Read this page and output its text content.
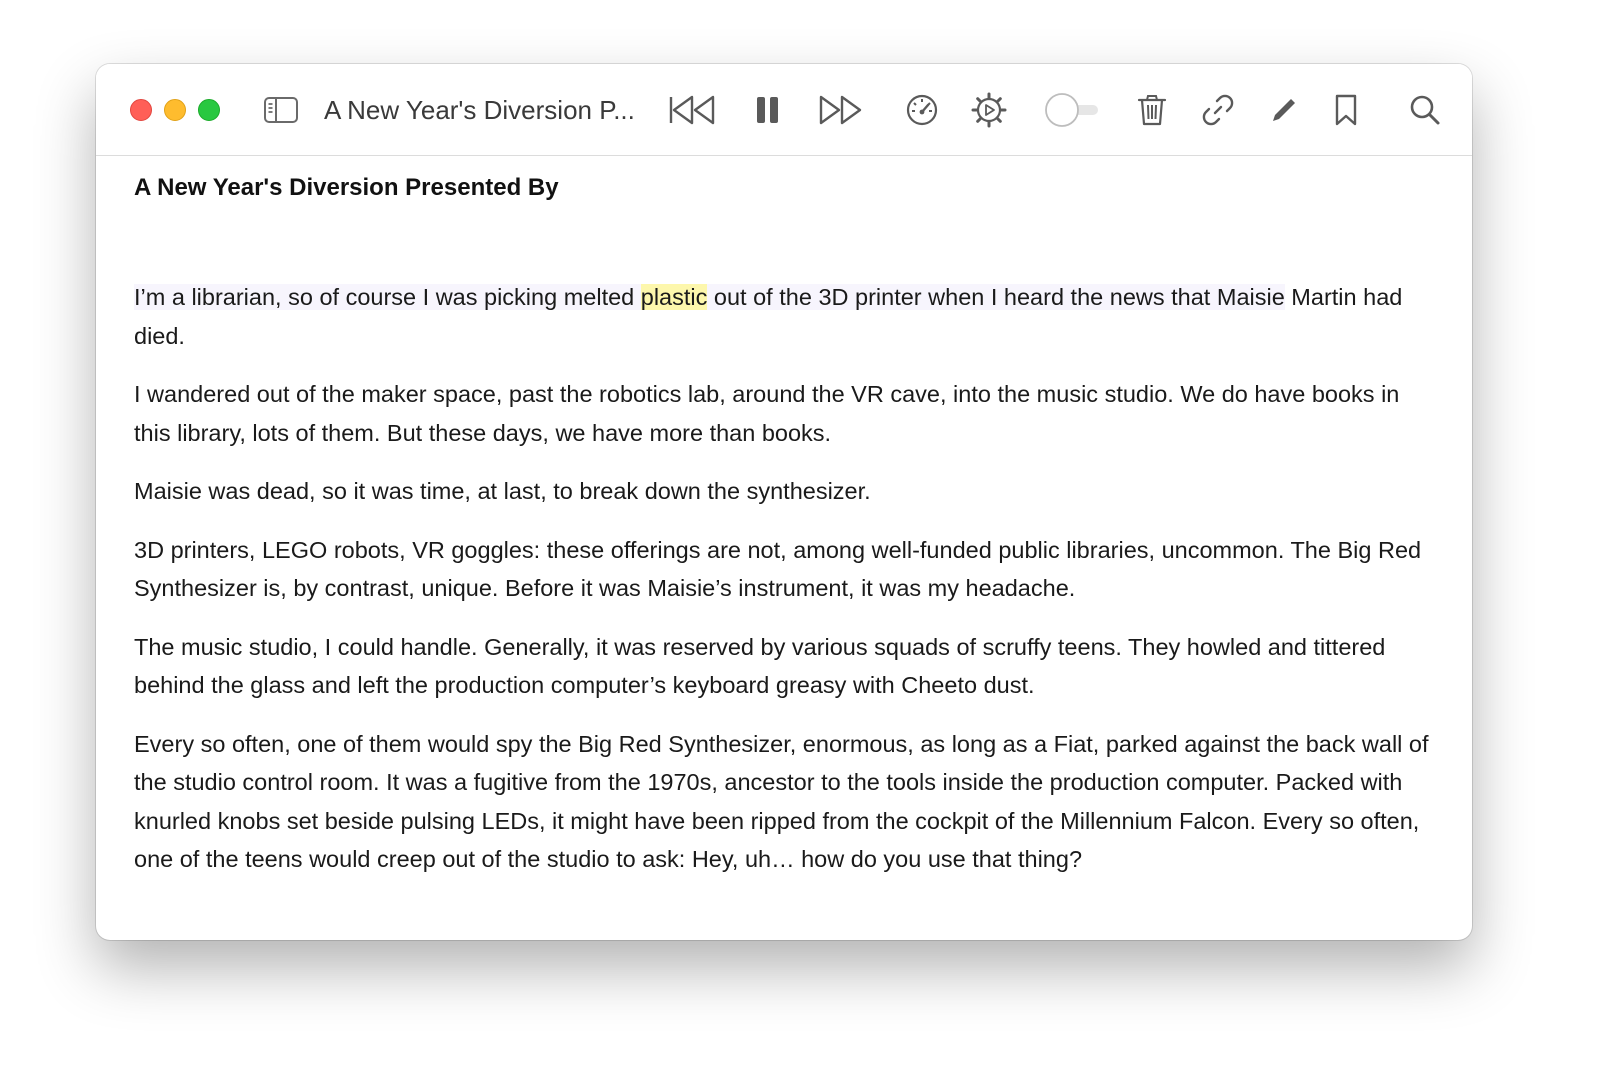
A New Year's Diversion P...
A New Year's Diversion Presented By

I’m a librarian, so of course I was picking melted plastic out of the 3D printer when I heard the news that Maisie Martin had died.

I wandered out of the maker space, past the robotics lab, around the VR cave, into the music studio. We do have books in this library, lots of them. But these days, we have more than books.

Maisie was dead, so it was time, at last, to break down the synthesizer.

3D printers, LEGO robots, VR goggles: these offerings are not, among well-funded public libraries, uncommon. The Big Red Synthesizer is, by contrast, unique. Before it was Maisie’s instrument, it was my headache.

The music studio, I could handle. Generally, it was reserved by various squads of scruffy teens. They howled and tittered behind the glass and left the production computer’s keyboard greasy with Cheeto dust.

Every so often, one of them would spy the Big Red Synthesizer, enormous, as long as a Fiat, parked against the back wall of the studio control room. It was a fugitive from the 1970s, ancestor to the tools inside the production computer. Packed with knurled knobs set beside pulsing LEDs, it might have been ripped from the cockpit of the Millennium Falcon. Every so often, one of the teens would creep out of the studio to ask: Hey, uh… how do you use that thing?
